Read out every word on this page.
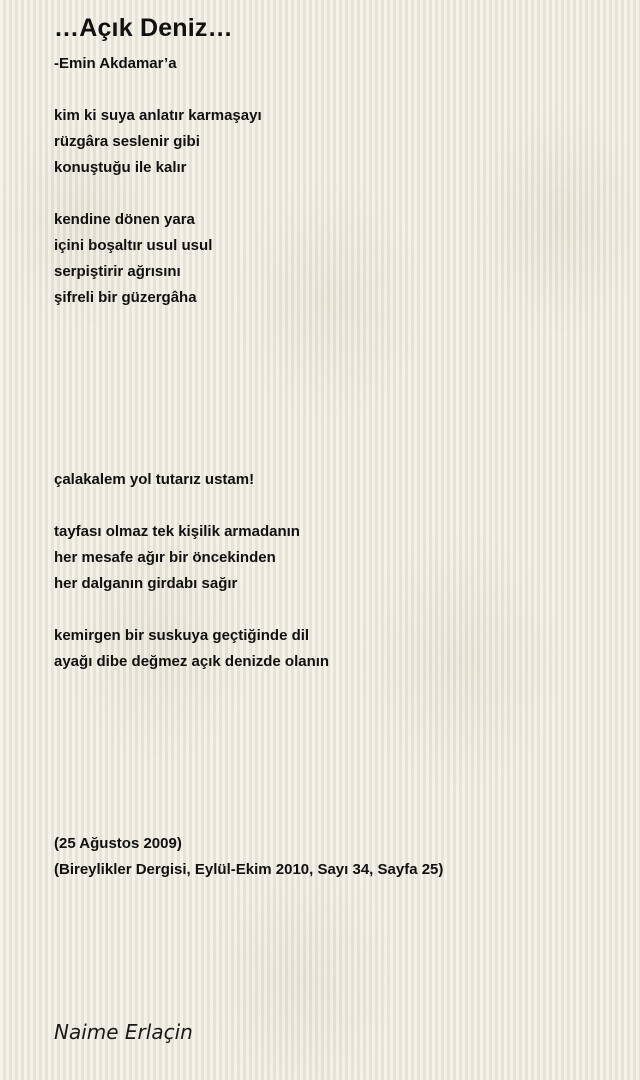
…Açık Deniz…
-Emin Akdamar’a
kim ki suya anlatır karmaşayı
rüzgâra seslenir gibi
konuştuğu ile kalır
kendine dönen yara
içini boşaltır usul usul
serpiştirir ağrısını
şifreli bir güzergâha
çalakalem yol tutarız ustam!
tayfası olmaz tek kişilik armadanın
her mesafe ağır bir öncekinden
her dalganın girdabı sağır
kemirgen bir suskuya geçtiğinde dil
ayağı dibe değmez açık denizde olanın
(25 Ağustos 2009)
(Bireylikler Dergisi, Eylül-Ekim 2010, Sayı 34, Sayfa 25)
Naime Erlaçin
